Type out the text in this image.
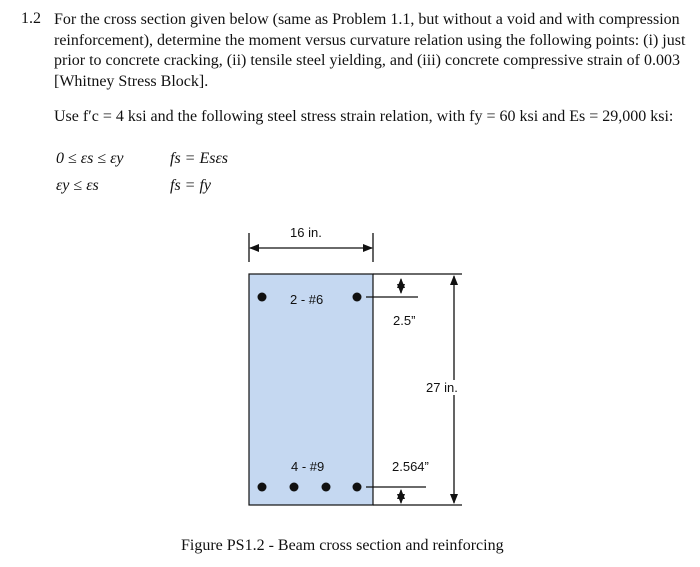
1.2 For the cross section given below (same as Problem 1.1, but without a void and with compression reinforcement), determine the moment versus curvature relation using the following points: (i) just prior to concrete cracking, (ii) tensile steel yielding, and (iii) concrete compressive strain of 0.003 [Whitney Stress Block].
Use f′c = 4 ksi and the following steel stress strain relation, with fy = 60 ksi and Es = 29,000 ksi:
0 ≤ εs ≤ εy	fs = Esεs
εy ≤ εs	fs = fy
16 in.
2 - #6
4 - #9
2.5”
27 in.
2.564”
Figure PS1.2 - Beam cross section and reinforcing
